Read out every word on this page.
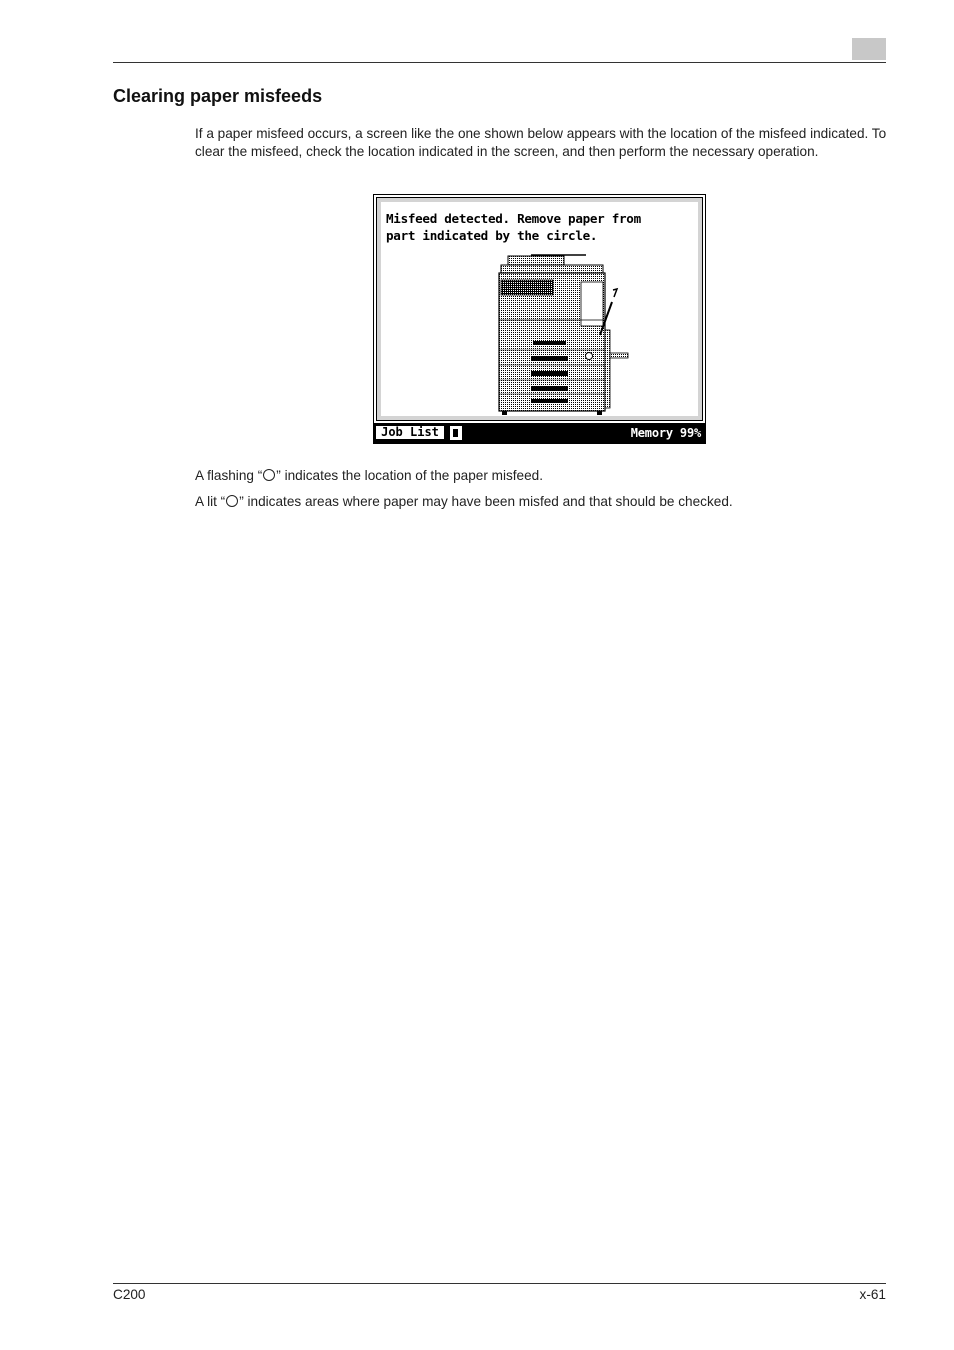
Clearing paper misfeeds
If a paper misfeed occurs, a screen like the one shown below appears with the location of the misfeed indicated. To clear the misfeed, check the location indicated in the screen, and then perform the necessary operation.
Misfeed detected. Remove paper from
part indicated by the circle.
Job List	Memory 99%
A flashing “ ” indicates the location of the paper misfeed.
A lit “ ” indicates areas where paper may have been misfed and that should be checked.
C200	x-61
